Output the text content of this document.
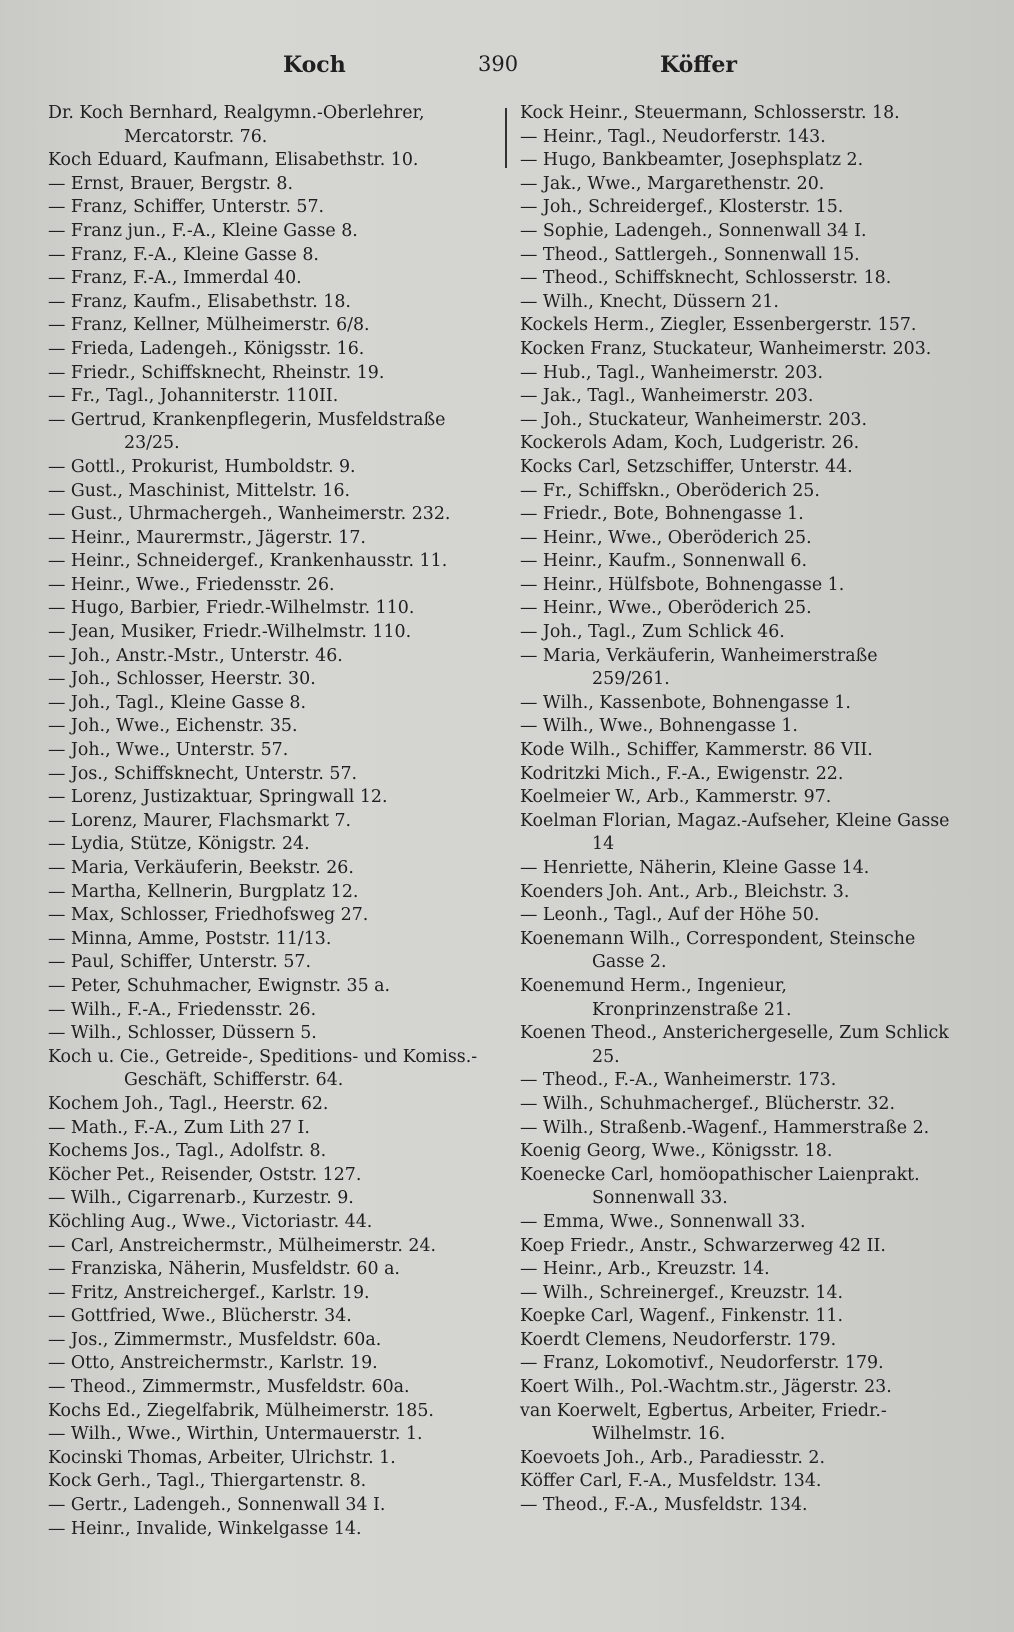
Koch	390	Köffer
Dr. Koch Bernhard, Realgymn.-Oberlehrer, Mercatorstr. 76.
Koch Eduard, Kaufmann, Elisabethstr. 10.
— Ernst, Brauer, Bergstr. 8.
— Franz, Schiffer, Unterstr. 57.
— Franz jun., F.-A., Kleine Gasse 8.
— Franz, F.-A., Kleine Gasse 8.
— Franz, F.-A., Immerdal 40.
— Franz, Kaufm., Elisabethstr. 18.
— Franz, Kellner, Mülheimerstr. 6/8.
— Frieda, Ladengeh., Königsstr. 16.
— Friedr., Schiffsknecht, Rheinstr. 19.
— Fr., Tagl., Johanniterstr. 110II.
— Gertrud, Krankenpflegerin, Musfeldstraße 23/25.
— Gottl., Prokurist, Humboldstr. 9.
— Gust., Maschinist, Mittelstr. 16.
— Gust., Uhrmachergeh., Wanheimerstr. 232.
— Heinr., Maurermstr., Jägerstr. 17.
— Heinr., Schneidergef., Krankenhausstr. 11.
— Heinr., Wwe., Friedensstr. 26.
— Hugo, Barbier, Friedr.-Wilhelmstr. 110.
— Jean, Musiker, Friedr.-Wilhelmstr. 110.
— Joh., Anstr.-Mstr., Unterstr. 46.
— Joh., Schlosser, Heerstr. 30.
— Joh., Tagl., Kleine Gasse 8.
— Joh., Wwe., Eichenstr. 35.
— Joh., Wwe., Unterstr. 57.
— Jos., Schiffsknecht, Unterstr. 57.
— Lorenz, Justizaktuar, Springwall 12.
— Lorenz, Maurer, Flachsmarkt 7.
— Lydia, Stütze, Königstr. 24.
— Maria, Verkäuferin, Beekstr. 26.
— Martha, Kellnerin, Burgplatz 12.
— Max, Schlosser, Friedhofsweg 27.
— Minna, Amme, Poststr. 11/13.
— Paul, Schiffer, Unterstr. 57.
— Peter, Schuhmacher, Ewignstr. 35 a.
— Wilh., F.-A., Friedensstr. 26.
— Wilh., Schlosser, Düssern 5.
Koch u. Cie., Getreide-, Speditions- und Komiss.-Geschäft, Schifferstr. 64.
Kochem Joh., Tagl., Heerstr. 62.
— Math., F.-A., Zum Lith 27 I.
Kochems Jos., Tagl., Adolfstr. 8.
Köcher Pet., Reisender, Oststr. 127.
— Wilh., Cigarrenarb., Kurzestr. 9.
Köchling Aug., Wwe., Victoriastr. 44.
— Carl, Anstreichermstr., Mülheimerstr. 24.
— Franziska, Näherin, Musfeldstr. 60 a.
— Fritz, Anstreichergef., Karlstr. 19.
— Gottfried, Wwe., Blücherstr. 34.
— Jos., Zimmermstr., Musfeldstr. 60a.
— Otto, Anstreichermstr., Karlstr. 19.
— Theod., Zimmermstr., Musfeldstr. 60a.
Kochs Ed., Ziegelfabrik, Mülheimerstr. 185.
— Wilh., Wwe., Wirthin, Untermauerstr. 1.
Kocinski Thomas, Arbeiter, Ulrichstr. 1.
Kock Gerh., Tagl., Thiergartenstr. 8.
— Gertr., Ladengeh., Sonnenwall 34 I.
— Heinr., Invalide, Winkelgasse 14.
Kock Heinr., Steuermann, Schlosserstr. 18.
— Heinr., Tagl., Neudorferstr. 143.
— Hugo, Bankbeamter, Josephsplatz 2.
— Jak., Wwe., Margarethenstr. 20.
— Joh., Schreidergef., Klosterstr. 15.
— Sophie, Ladengeh., Sonnenwall 34 I.
— Theod., Sattlergeh., Sonnenwall 15.
— Theod., Schiffsknecht, Schlosserstr. 18.
— Wilh., Knecht, Düssern 21.
Kockels Herm., Ziegler, Essenbergerstr. 157.
Kocken Franz, Stuckateur, Wanheimerstr. 203.
— Hub., Tagl., Wanheimerstr. 203.
— Jak., Tagl., Wanheimerstr. 203.
— Joh., Stuckateur, Wanheimerstr. 203.
Kockerols Adam, Koch, Ludgeristr. 26.
Kocks Carl, Setzschiffer, Unterstr. 44.
— Fr., Schiffskn., Oberöderich 25.
— Friedr., Bote, Bohnengasse 1.
— Heinr., Wwe., Oberöderich 25.
— Heinr., Kaufm., Sonnenwall 6.
— Heinr., Hülfsbote, Bohnengasse 1.
— Heinr., Wwe., Oberöderich 25.
— Joh., Tagl., Zum Schlick 46.
— Maria, Verkäuferin, Wanheimerstraße 259/261.
— Wilh., Kassenbote, Bohnengasse 1.
— Wilh., Wwe., Bohnengasse 1.
Kode Wilh., Schiffer, Kammerstr. 86 VII.
Kodritzki Mich., F.-A., Ewigenstr. 22.
Koelmeier W., Arb., Kammerstr. 97.
Koelman Florian, Magaz.-Aufseher, Kleine Gasse 14
— Henriette, Näherin, Kleine Gasse 14.
Koenders Joh. Ant., Arb., Bleichstr. 3.
— Leonh., Tagl., Auf der Höhe 50.
Koenemann Wilh., Correspondent, Steinsche Gasse 2.
Koenemund Herm., Ingenieur, Kronprinzenstraße 21.
Koenen Theod., Ansterichergeselle, Zum Schlick 25.
— Theod., F.-A., Wanheimerstr. 173.
— Wilh., Schuhmachergef., Blücherstr. 32.
— Wilh., Straßenb.-Wagenf., Hammerstraße 2.
Koenig Georg, Wwe., Königsstr. 18.
Koenecke Carl, homöopathischer Laienprakt. Sonnenwall 33.
— Emma, Wwe., Sonnenwall 33.
Koep Friedr., Anstr., Schwarzerweg 42 II.
— Heinr., Arb., Kreuzstr. 14.
— Wilh., Schreinergef., Kreuzstr. 14.
Koepke Carl, Wagenf., Finkenstr. 11.
Koerdt Clemens, Neudorferstr. 179.
— Franz, Lokomotivf., Neudorferstr. 179.
Koert Wilh., Pol.-Wachtm.str., Jägerstr. 23.
van Koerwelt, Egbertus, Arbeiter, Friedr.-Wilhelmstr. 16.
Koevoets Joh., Arb., Paradiesstr. 2.
Köffer Carl, F.-A., Musfeldstr. 134.
— Theod., F.-A., Musfeldstr. 134.
